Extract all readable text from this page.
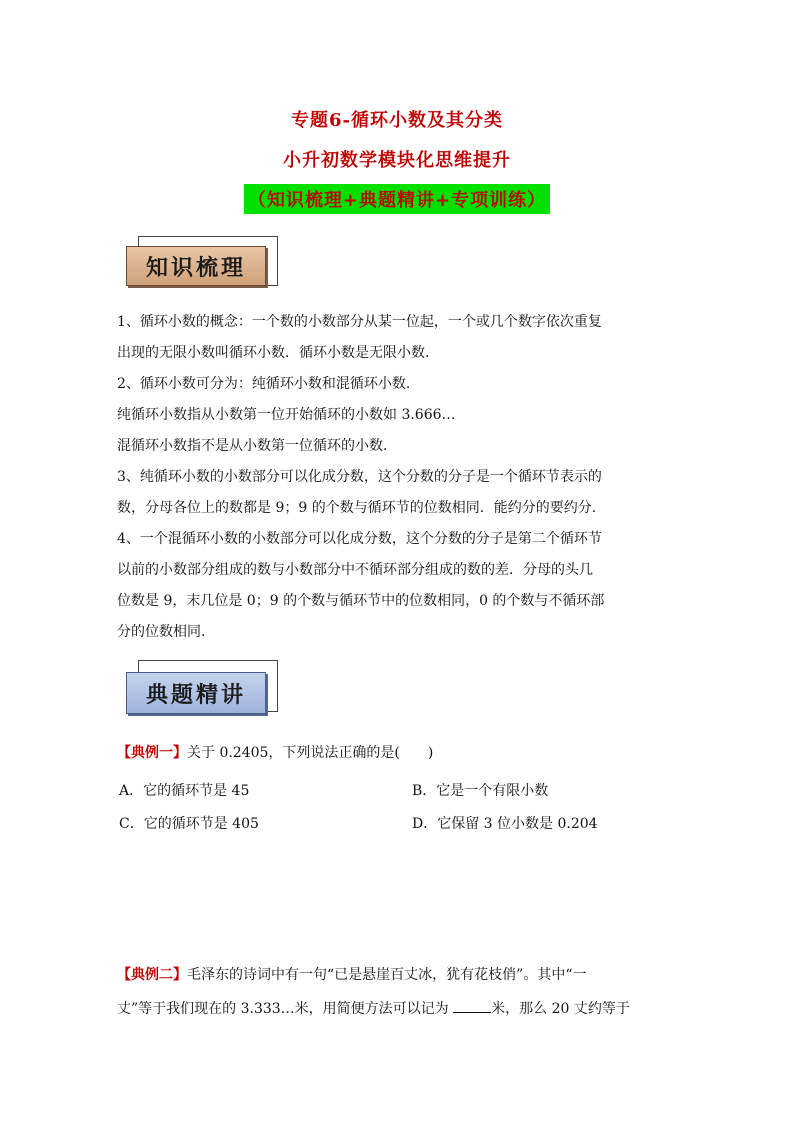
专题6-循环小数及其分类
小升初数学模块化思维提升
（知识梳理+典题精讲+专项训练）
知识梳理
1、循环小数的概念：一个数的小数部分从某一位起，一个或几个数字依次重复
出现的无限小数叫循环小数．循环小数是无限小数．
2、循环小数可分为：纯循环小数和混循环小数．
纯循环小数指从小数第一位开始循环的小数如 3.666…
混循环小数指不是从小数第一位循环的小数．
3、纯循环小数的小数部分可以化成分数，这个分数的分子是一个循环节表示的
数，分母各位上的数都是 9；9 的个数与循环节的位数相同．能约分的要约分．
4、一个混循环小数的小数部分可以化成分数，这个分数的分子是第二个循环节
以前的小数部分组成的数与小数部分中不循环部分组成的数的差．分母的头几
位数是 9，末几位是 0；9 的个数与循环节中的位数相同，0 的个数与不循环部
分的位数相同．
典题精讲
【典例一】关于 0.2405，下列说法正确的是(　　)
A．它的循环节是 45	B．它是一个有限小数
C．它的循环节是 405	D．它保留 3 位小数是 0.204
【典例二】毛泽东的诗词中有一句“已是悬崖百丈冰，犹有花枝俏”。其中“一
丈”等于我们现在的 3.333…米，用简便方法可以记为	米，那么 20 丈约等于
